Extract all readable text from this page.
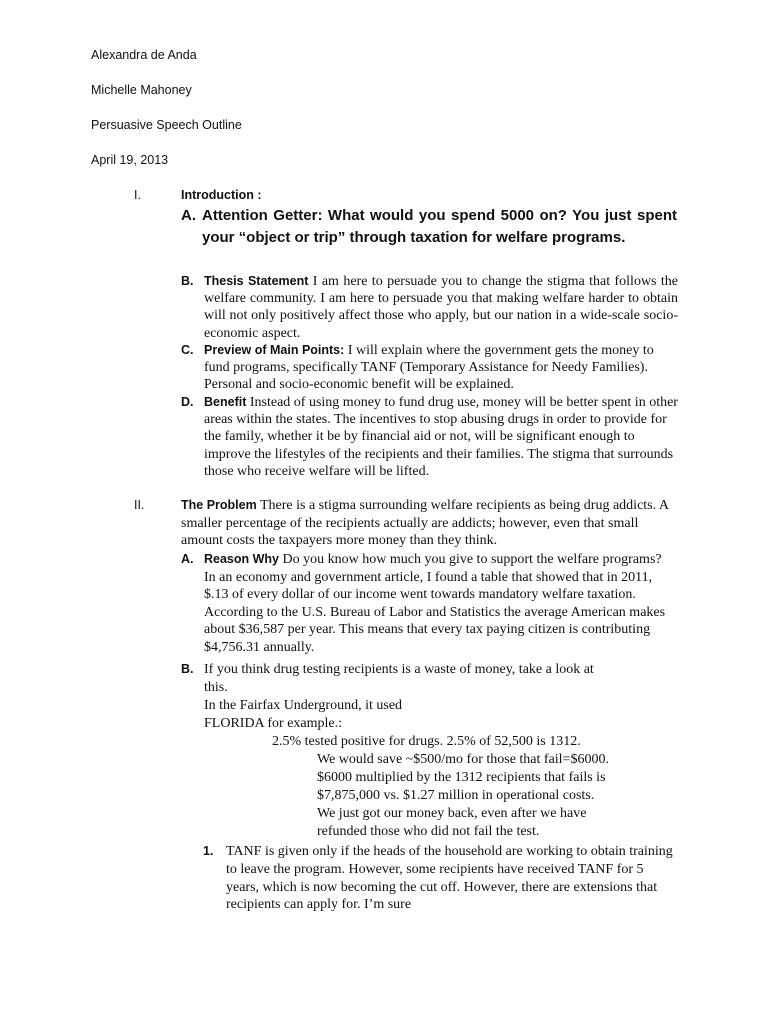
Alexandra de Anda
Michelle Mahoney
Persuasive Speech Outline
April 19, 2013
I.	Introduction :
A. Attention Getter: What would you spend 5000 on? You just spent your “object or trip” through taxation for welfare programs.
B. Thesis Statement I am here to persuade you to change the stigma that follows the welfare community. I am here to persuade you that making welfare harder to obtain will not only positively affect those who apply, but our nation in a wide-scale socio-economic aspect.

C. Preview of Main Points: I will explain where the government gets the money to fund programs, specifically TANF (Temporary Assistance for Needy Families). Personal and socio-economic benefit will be explained.

D. Benefit Instead of using money to fund drug use, money will be better spent in other areas within the states. The incentives to stop abusing drugs in order to provide for the family, whether it be by financial aid or not, will be significant enough to improve the lifestyles of the recipients and their families. The stigma that surrounds those who receive welfare will be lifted.

II.	The Problem There is a stigma surrounding welfare recipients as being drug addicts. A smaller percentage of the recipients actually are addicts; however, even that small amount costs the taxpayers more money than they think.

A. Reason Why Do you know how much you give to support the welfare programs? In an economy and government article, I found a table that showed that in 2011, $.13 of every dollar of our income went towards mandatory welfare taxation. According to the U.S. Bureau of Labor and Statistics the average American makes about $36,587 per year. This means that every tax paying citizen is contributing $4,756.31 annually.

B. If you think drug testing recipients is a waste of money, take a look at
this.
In the Fairfax Underground, it used
FLORIDA for example.:
2.5% tested positive for drugs. 2.5% of 52,500 is 1312.
We would save ~$500/mo for those that fail=$6000.
$6000 multiplied by the 1312 recipients that fails is
$7,875,000 vs. $1.27 million in operational costs.
We just got our money back, even after we have
refunded those who did not fail the test.
1. TANF is given only if the heads of the household are working to obtain training to leave the program. However, some recipients have received TANF for 5 years, which is now becoming the cut off. However, there are extensions that recipients can apply for. I’m sure
